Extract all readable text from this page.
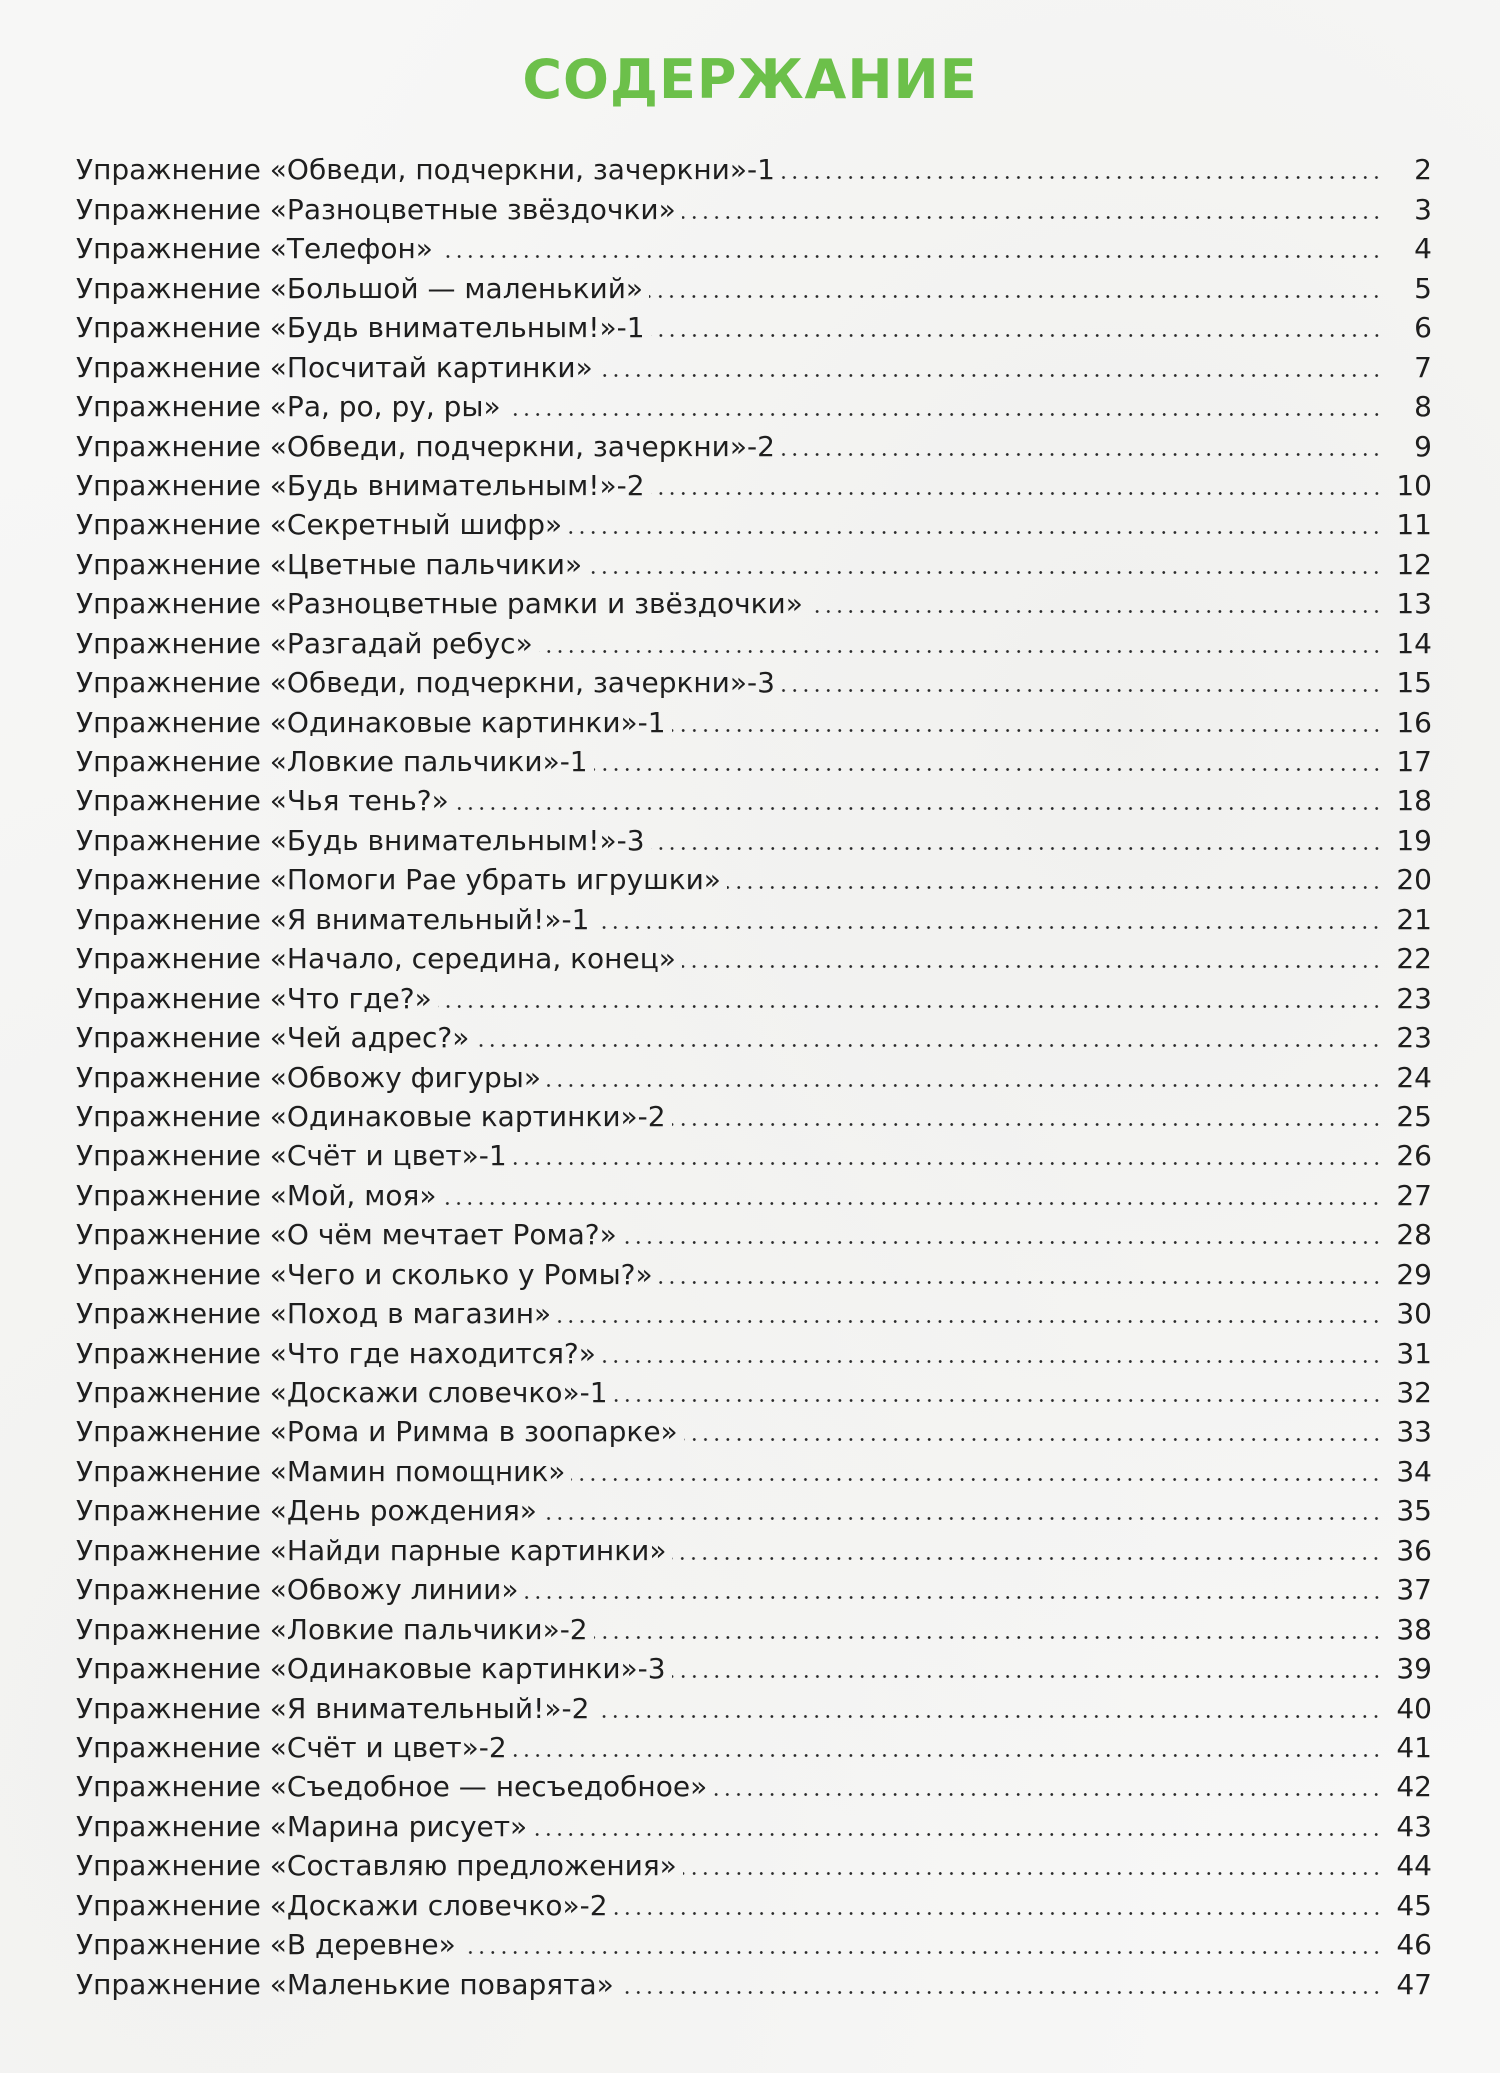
СОДЕРЖАНИЕ
Упражнение «Обведи, подчеркни, зачеркни»-1	2
Упражнение «Разноцветные звёздочки»	3
Упражнение «Телефон»	4
Упражнение «Большой — маленький»	5
Упражнение «Будь внимательным!»-1	6
Упражнение «Посчитай картинки»	7
Упражнение «Ра, ро, ру, ры»	8
Упражнение «Обведи, подчеркни, зачеркни»-2	9
Упражнение «Будь внимательным!»-2	10
Упражнение «Секретный шифр»	11
Упражнение «Цветные пальчики»	12
Упражнение «Разноцветные рамки и звёздочки»	13
Упражнение «Разгадай ребус»	14
Упражнение «Обведи, подчеркни, зачеркни»-3	15
Упражнение «Одинаковые картинки»-1	16
Упражнение «Ловкие пальчики»-1	17
Упражнение «Чья тень?»	18
Упражнение «Будь внимательным!»-3	19
Упражнение «Помоги Рае убрать игрушки»	20
Упражнение «Я внимательный!»-1	21
Упражнение «Начало, середина, конец»	22
Упражнение «Что где?»	23
Упражнение «Чей адрес?»	23
Упражнение «Обвожу фигуры»	24
Упражнение «Одинаковые картинки»-2	25
Упражнение «Счёт и цвет»-1	26
Упражнение «Мой, моя»	27
Упражнение «О чём мечтает Рома?»	28
Упражнение «Чего и сколько у Ромы?»	29
Упражнение «Поход в магазин»	30
Упражнение «Что где находится?»	31
Упражнение «Доскажи словечко»-1	32
Упражнение «Рома и Римма в зоопарке»	33
Упражнение «Мамин помощник»	34
Упражнение «День рождения»	35
Упражнение «Найди парные картинки»	36
Упражнение «Обвожу линии»	37
Упражнение «Ловкие пальчики»-2	38
Упражнение «Одинаковые картинки»-3	39
Упражнение «Я внимательный!»-2	40
Упражнение «Счёт и цвет»-2	41
Упражнение «Съедобное — несъедобное»	42
Упражнение «Марина рисует»	43
Упражнение «Составляю предложения»	44
Упражнение «Доскажи словечко»-2	45
Упражнение «В деревне»	46
Упражнение «Маленькие поварята»	47
